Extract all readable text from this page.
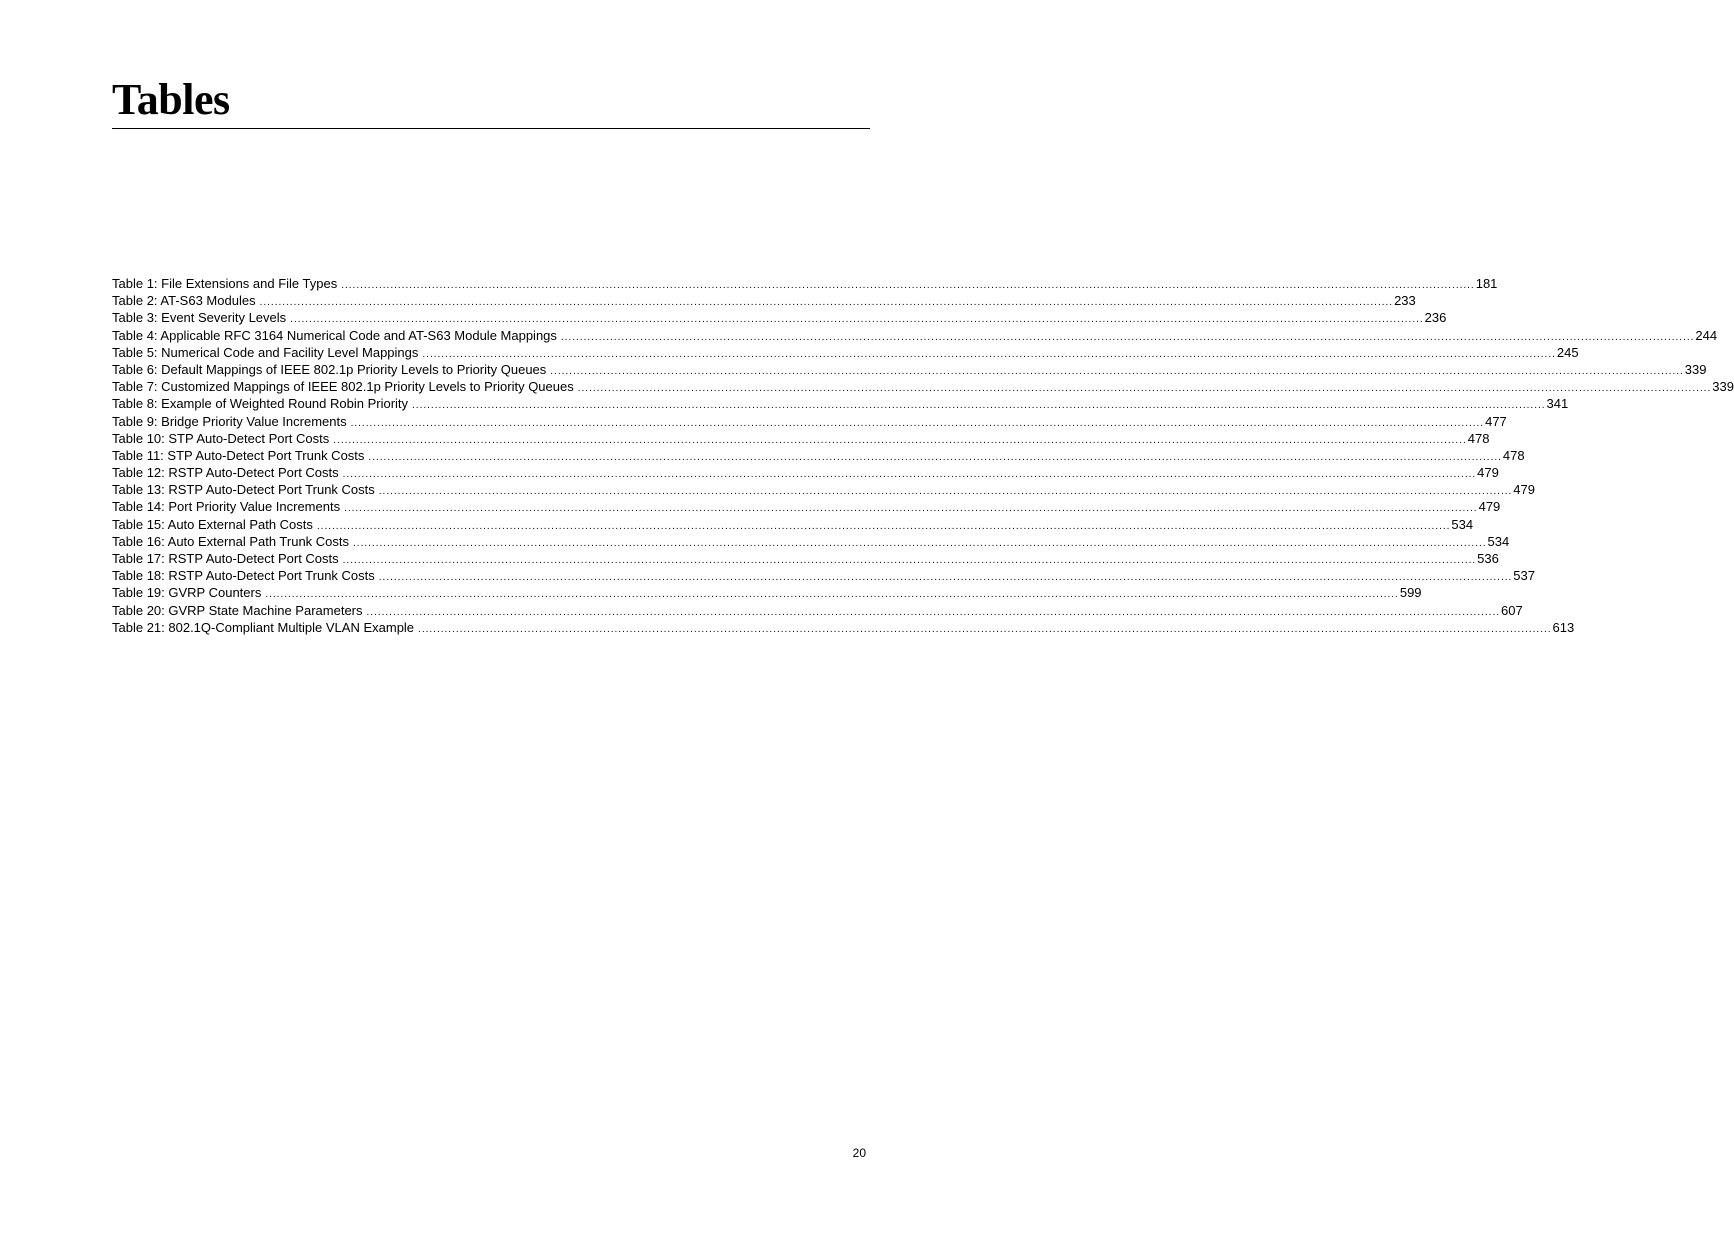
Tables
Table 1: File Extensions and File Types ............................................................................................................................................................................................................................................................................................................ 181
Table 2: AT-S63 Modules ............................................................................................................................................................................................................................................................................................................ 233
Table 3: Event Severity Levels ............................................................................................................................................................................................................................................................................................................ 236
Table 4: Applicable RFC 3164 Numerical Code and AT-S63 Module Mappings ............................................................................................................................................................................................................................................................................................................ 244
Table 5: Numerical Code and Facility Level Mappings ............................................................................................................................................................................................................................................................................................................ 245
Table 6: Default Mappings of IEEE 802.1p Priority Levels to Priority Queues ............................................................................................................................................................................................................................................................................................................ 339
Table 7: Customized Mappings of IEEE 802.1p Priority Levels to Priority Queues ............................................................................................................................................................................................................................................................................................................ 339
Table 8: Example of Weighted Round Robin Priority ............................................................................................................................................................................................................................................................................................................ 341
Table 9: Bridge Priority Value Increments ............................................................................................................................................................................................................................................................................................................ 477
Table 10: STP Auto-Detect Port Costs ............................................................................................................................................................................................................................................................................................................ 478
Table 11: STP Auto-Detect Port Trunk Costs ............................................................................................................................................................................................................................................................................................................ 478
Table 12: RSTP Auto-Detect Port Costs ............................................................................................................................................................................................................................................................................................................ 479
Table 13: RSTP Auto-Detect Port Trunk Costs ............................................................................................................................................................................................................................................................................................................ 479
Table 14: Port Priority Value Increments ............................................................................................................................................................................................................................................................................................................ 479
Table 15: Auto External Path Costs ............................................................................................................................................................................................................................................................................................................ 534
Table 16: Auto External Path Trunk Costs ............................................................................................................................................................................................................................................................................................................ 534
Table 17: RSTP Auto-Detect Port Costs ............................................................................................................................................................................................................................................................................................................ 536
Table 18: RSTP Auto-Detect Port Trunk Costs ............................................................................................................................................................................................................................................................................................................ 537
Table 19: GVRP Counters ............................................................................................................................................................................................................................................................................................................ 599
Table 20: GVRP State Machine Parameters ............................................................................................................................................................................................................................................................................................................ 607
Table 21: 802.1Q-Compliant Multiple VLAN Example ............................................................................................................................................................................................................................................................................................................ 613
20
